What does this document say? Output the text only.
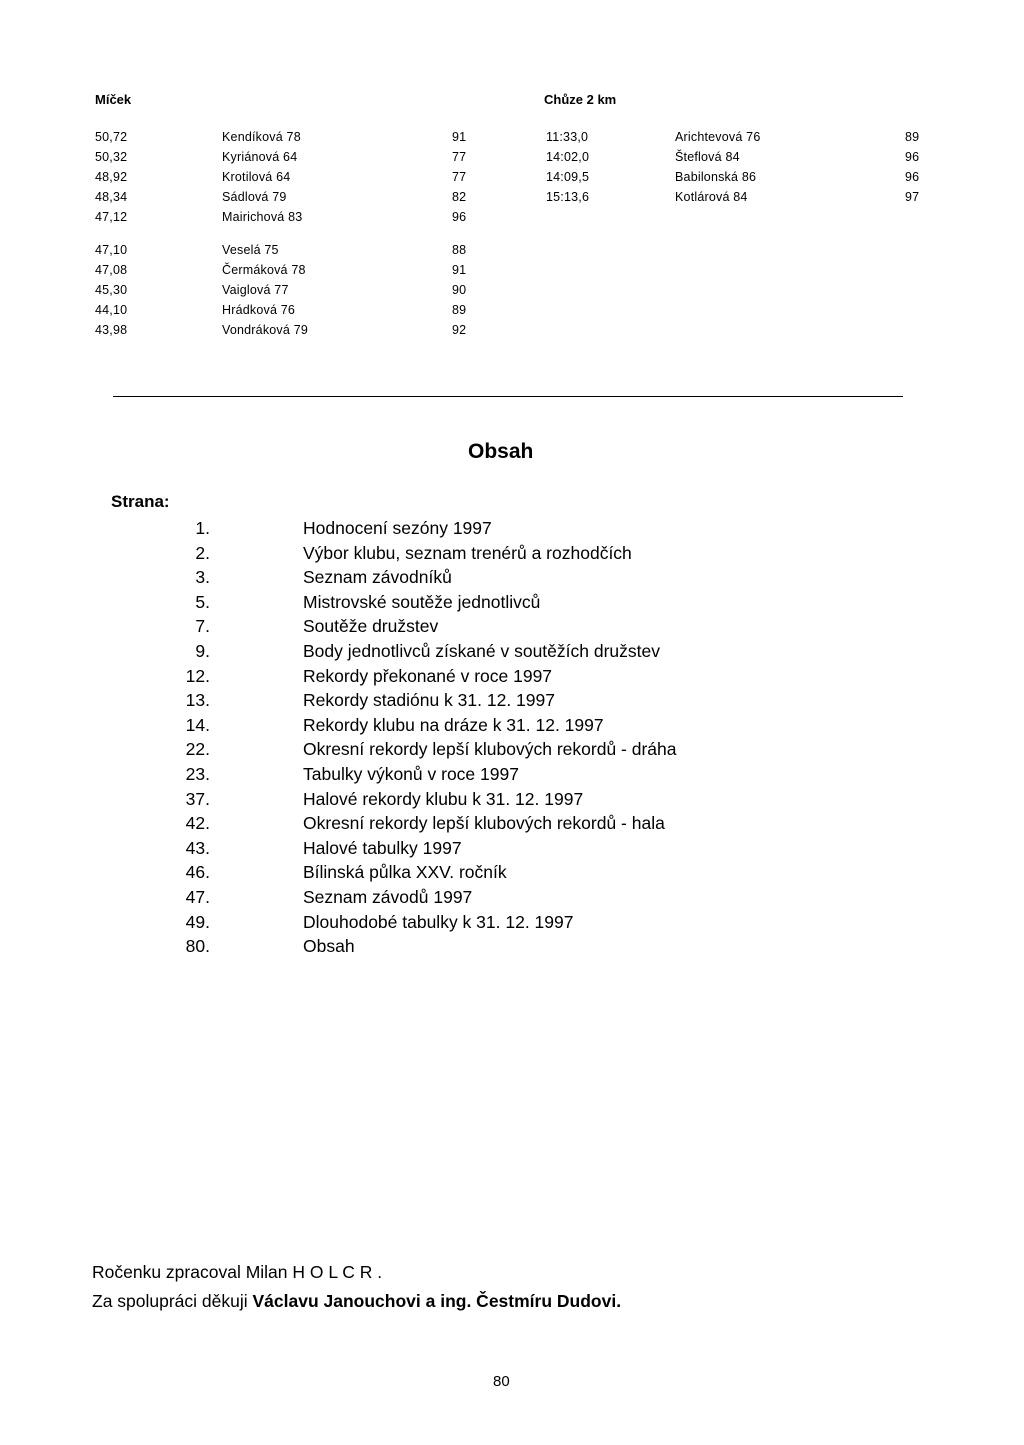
Míček	Chůze 2 km
50,72	Kendíková 78	91
50,32	Kyriánová 64	77
48,92	Krotilová 64	77
48,34	Sádlová 79	82
47,12	Mairichová 83	96
47,10	Veselá 75	88
47,08	Čermáková 78	91
45,30	Vaiglová 77	90
44,10	Hrádková 76	89
43,98	Vondráková 79	92
11:33,0	Arichtevová 76	89
14:02,0	Šteflová 84	96
14:09,5	Babilonská 86	96
15:13,6	Kotlárová 84	97
Obsah
Strana:
1.	Hodnocení sezóny 1997
2.	Výbor klubu, seznam trenérů a rozhodčích
3.	Seznam závodníků
5.	Mistrovské soutěže jednotlivců
7.	Soutěže družstev
9.	Body jednotlivců získané v soutěžích družstev
12.	Rekordy překonané v roce 1997
13.	Rekordy stadiónu k 31. 12. 1997
14.	Rekordy klubu na dráze k 31. 12. 1997
22.	Okresní rekordy lepší klubových rekordů - dráha
23.	Tabulky výkonů v roce 1997
37.	Halové rekordy klubu k 31. 12. 1997
42.	Okresní rekordy lepší klubových rekordů - hala
43.	Halové tabulky 1997
46.	Bílinská půlka XXV. ročník
47.	Seznam závodů 1997
49.	Dlouhodobé tabulky k 31. 12. 1997
80.	Obsah
Ročenku zpracoval Milan H O L C R .
Za spolupráci děkuji Václavu Janouchovi a ing. Čestmíru Dudovi.
80
